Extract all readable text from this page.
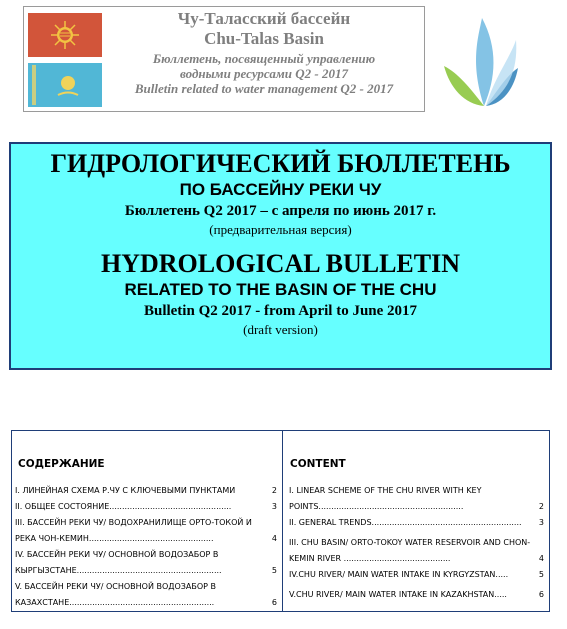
Чу-Таласский бассейн
Chu-Talas Basin
Бюллетень, посвященный управлению
водными ресурсами Q2 - 2017
Bulletin related to water management Q2 - 2017
ГИДРОЛОГИЧЕСКИЙ БЮЛЛЕТЕНЬ
ПО БАССЕЙНУ РЕКИ ЧУ
Бюллетень Q2 2017 – с апреля по июнь 2017 г.
(предварительная версия)
HYDROLOGICAL BULLETIN
RELATED TO THE BASIN OF THE CHU
Bulletin Q2 2017 - from April to June 2017
(draft version)
СОДЕРЖАНИЕ
I. ЛИНЕЙНАЯ СХЕМА Р.ЧУ С КЛЮЧЕВЫМИ ПУНКТАМИ	2
II. ОБЩЕЕ СОСТОЯНИЕ................................................	3
III. БАССЕЙН РЕКИ ЧУ/ ВОДОХРАНИЛИЩЕ ОРТО-ТОКОЙ И РЕКА ЧОН-КЕМИН.................................................	4
IV. БАССЕЙН РЕКИ ЧУ/ ОСНОВНОЙ ВОДОЗАБОР В КЫРГЫЗСТАНЕ.........................................................	5
V. БАССЕЙН РЕКИ ЧУ/ ОСНОВНОЙ ВОДОЗАБОР В КАЗАХСТАНЕ.........................................................	6
CONTENT
I. LINEAR SCHEME OF THE CHU RIVER WITH KEY POINTS.........................................................	2
II. GENERAL TRENDS...........................................................	3
III. CHU BASIN/ ORTO-TOKOY WATER RESERVOIR AND CHON-KEMIN RIVER ..........................................	4
IV.CHU RIVER/ MAIN WATER INTAKE IN KYRGYZSTAN.....	5
V.CHU RIVER/ MAIN WATER INTAKE IN KAZAKHSTAN.....	6
